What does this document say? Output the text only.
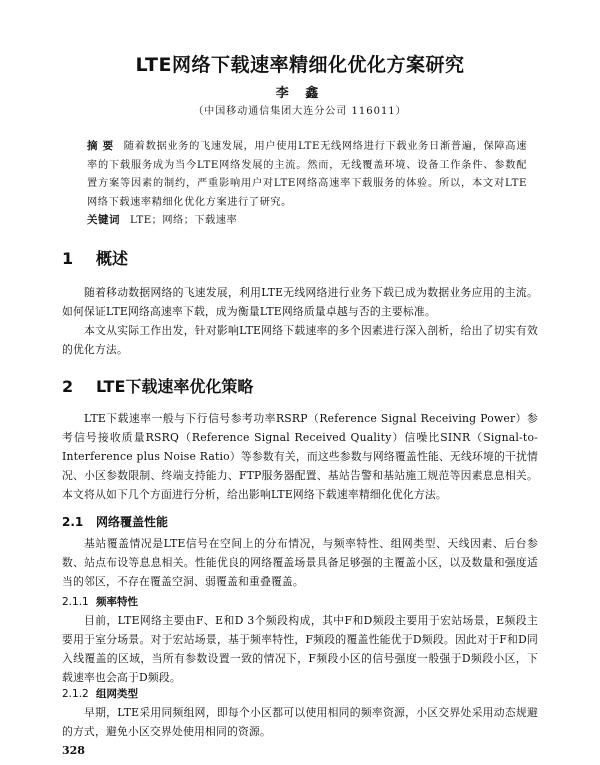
LTE网络下载速率精细化优化方案研究
李 鑫
（中国移动通信集团大连分公司 116011）
摘 要 随着数据业务的飞速发展，用户使用LTE无线网络进行下载业务日渐普遍，保障高速率的下载服务成为当今LTE网络发展的主流。然而，无线覆盖环境、设备工作条件、参数配置方案等因素的制约，严重影响用户对LTE网络高速率下载服务的体验。所以，本文对LTE网络下载速率精细化优化方案进行了研究。
关键词 LTE；网络；下载速率
1 概述
随着移动数据网络的飞速发展，利用LTE无线网络进行业务下载已成为数据业务应用的主流。如何保证LTE网络高速率下载，成为衡量LTE网络质量卓越与否的主要标准。
本文从实际工作出发，针对影响LTE网络下载速率的多个因素进行深入剖析，给出了切实有效的优化方法。
2 LTE下载速率优化策略
LTE下载速率一般与下行信号参考功率RSRP（Reference Signal Receiving Power）参考信号接收质量RSRQ（Reference Signal Received Quality）信噪比SINR（Signal-to-Interference plus Noise Ratio）等参数有关，而这些参数与网络覆盖性能、无线环境的干扰情况、小区参数限制、终端支持能力、FTP服务器配置、基站告警和基站施工规范等因素息息相关。本文将从如下几个方面进行分析，给出影响LTE网络下载速率精细化优化方法。
2.1 网络覆盖性能
基站覆盖情况是LTE信号在空间上的分布情况，与频率特性、组网类型、天线因素、后台参数、站点布设等息息相关。性能优良的网络覆盖场景具备足够强的主覆盖小区，以及数量和强度适当的邻区，不存在覆盖空洞、弱覆盖和重叠覆盖。
2.1.1 频率特性
目前，LTE网络主要由F、E和D 3个频段构成，其中F和D频段主要用于宏站场景，E频段主要用于室分场景。对于宏站场景，基于频率特性，F频段的覆盖性能优于D频段。因此对于F和D同入线覆盖的区域，当所有参数设置一致的情况下，F频段小区的信号强度一般强于D频段小区，下载速率也会高于D频段。
2.1.2 组网类型
早期，LTE采用同频组网，即每个小区都可以使用相同的频率资源，小区交界处采用动态规避的方式，避免小区交界处使用相同的资源。
328
